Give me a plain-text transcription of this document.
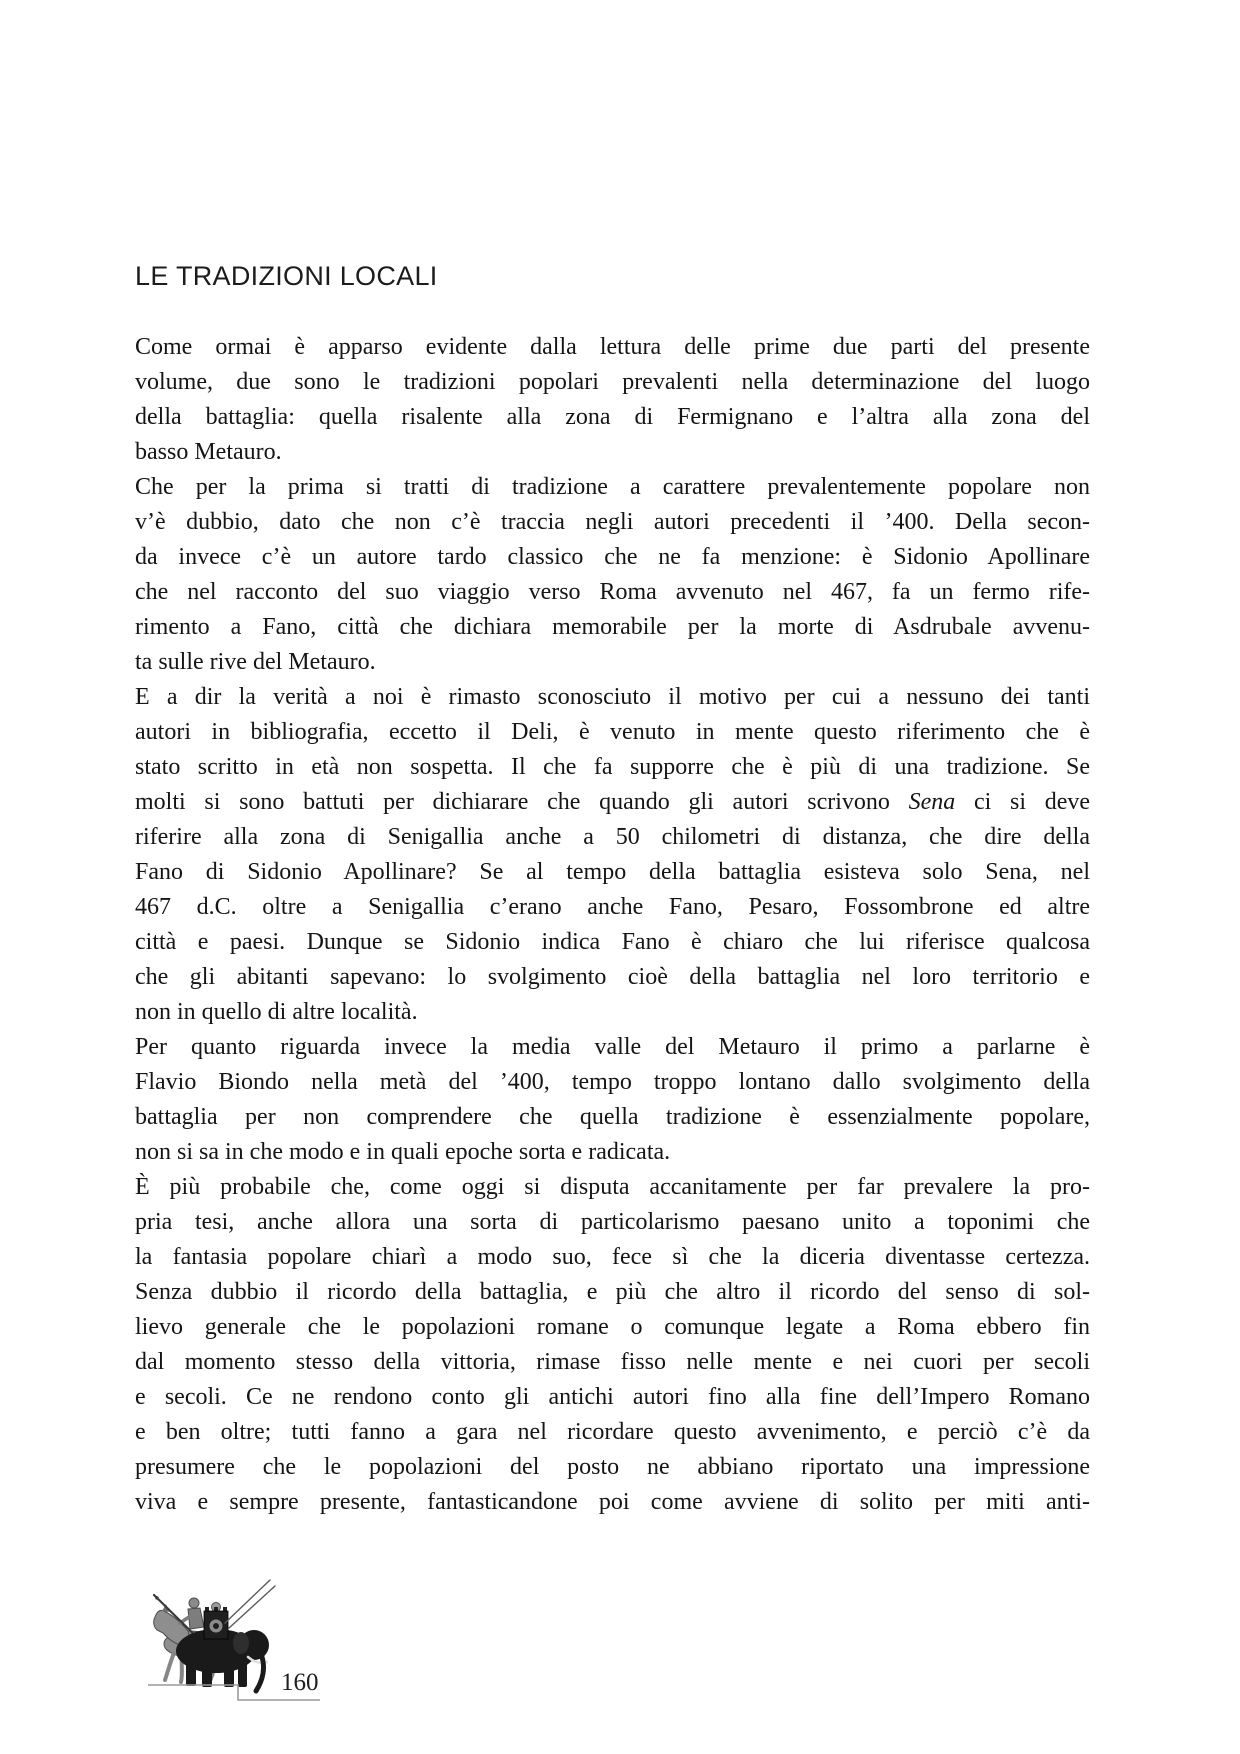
LE TRADIZIONI LOCALI
Come ormai è apparso evidente dalla lettura delle prime due parti del presente
volume, due sono le tradizioni popolari prevalenti nella determinazione del luogo
della battaglia: quella risalente alla zona di Fermignano e l’altra alla zona del
basso Metauro.
Che per la prima si tratti di tradizione a carattere prevalentemente popolare non
v’è dubbio, dato che non c’è traccia negli autori precedenti il ’400. Della secon-
da invece c’è un autore tardo classico che ne fa menzione: è Sidonio Apollinare
che nel racconto del suo viaggio verso Roma avvenuto nel 467, fa un fermo rife-
rimento a Fano, città che dichiara memorabile per la morte di Asdrubale avvenu-
ta sulle rive del Metauro.
E a dir la verità a noi è rimasto sconosciuto il motivo per cui a nessuno dei tanti
autori in bibliografia, eccetto il Deli, è venuto in mente questo riferimento che è
stato scritto in età non sospetta. Il che fa supporre che è più di una tradizione. Se
molti si sono battuti per dichiarare che quando gli autori scrivono Sena ci si deve
riferire alla zona di Senigallia anche a 50 chilometri di distanza, che dire della
Fano di Sidonio Apollinare? Se al tempo della battaglia esisteva solo Sena, nel
467 d.C. oltre a Senigallia c’erano anche Fano, Pesaro, Fossombrone ed altre
città e paesi. Dunque se Sidonio indica Fano è chiaro che lui riferisce qualcosa
che gli abitanti sapevano: lo svolgimento cioè della battaglia nel loro territorio e
non in quello di altre località.
Per quanto riguarda invece la media valle del Metauro il primo a parlarne è
Flavio Biondo nella metà del ’400, tempo troppo lontano dallo svolgimento della
battaglia per non comprendere che quella tradizione è essenzialmente popolare,
non si sa in che modo e in quali epoche sorta e radicata.
È più probabile che, come oggi si disputa accanitamente per far prevalere la pro-
pria tesi, anche allora una sorta di particolarismo paesano unito a toponimi che
la fantasia popolare chiarì a modo suo, fece sì che la diceria diventasse certezza.
Senza dubbio il ricordo della battaglia, e più che altro il ricordo del senso di sol-
lievo generale che le popolazioni romane o comunque legate a Roma ebbero fin
dal momento stesso della vittoria, rimase fisso nelle mente e nei cuori per secoli
e secoli. Ce ne rendono conto gli antichi autori fino alla fine dell’Impero Romano
e ben oltre; tutti fanno a gara nel ricordare questo avvenimento, e perciò c’è da
presumere che le popolazioni del posto ne abbiano riportato una impressione
viva e sempre presente, fantasticandone poi come avviene di solito per miti anti-
160
